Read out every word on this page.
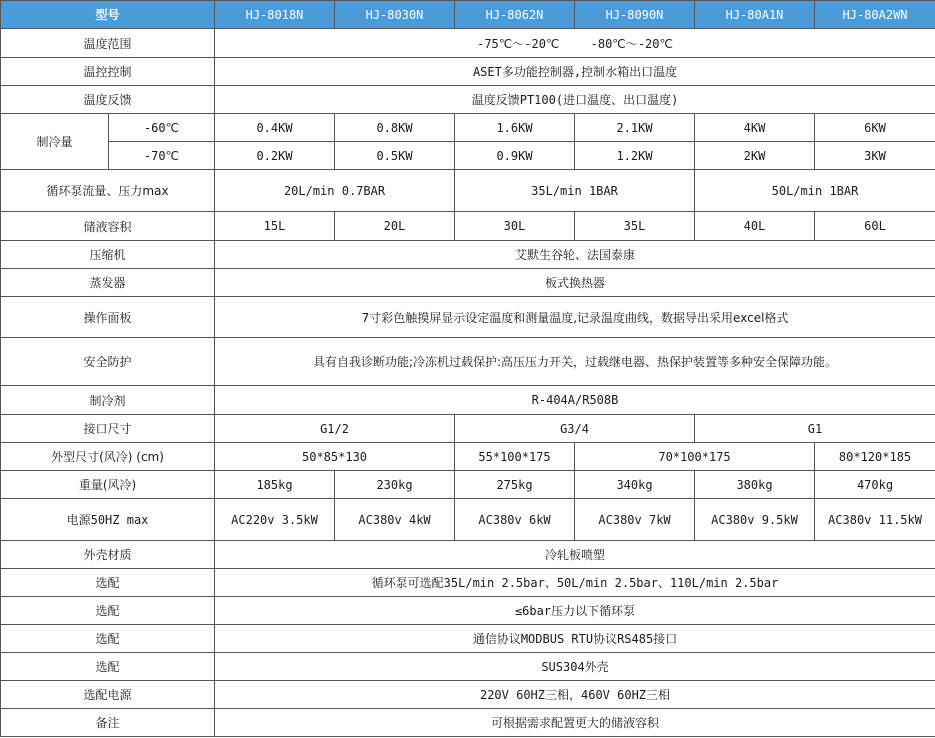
型号		HJ-8018N	HJ-8030N	HJ-8062N	HJ-8090N	HJ-80A1N	HJ-80A2WN
温度范围		-75℃～-20℃　　 -80℃～-20℃					
温控控制		ASET多功能控制器,控制水箱出口温度					
温度反馈		温度反馈PT100(进口温度、出口温度)					
制冷量	-60℃	0.4KW	0.8KW	1.6KW	2.1KW	4KW	6KW
	-70℃	0.2KW	0.5KW	0.9KW	1.2KW	2KW	3KW
循环泵流量、压力max		20L/min 0.7BAR		35L/min 1BAR		50L/min 1BAR	
储液容积		15L	20L	30L	35L	40L	60L
压缩机		艾默生谷轮、法国泰康					
蒸发器		板式换热器					
操作面板		7寸彩色触摸屏显示设定温度和测量温度,记录温度曲线，数据导出采用excel格式					
安全防护		具有自我诊断功能;冷冻机过载保护:高压压力开关，过载继电器、热保护装置等多种安全保障功能。					
制冷剂		R-404A/R508B					
接口尺寸		G1/2		G3/4		G1	
外型尺寸(风冷) (cm)		50*85*130		55*100*175	70*100*175		80*120*185
重量(风冷)		185kg	230kg	275kg	340kg	380kg	470kg
电源50HZ max		AC220v 3.5kW	AC380v 4kW	AC380v 6kW	AC380v 7kW	AC380v 9.5kW	AC380v 11.5kW
外壳材质		冷轧板喷塑					
选配		循环泵可选配35L/min 2.5bar、50L/min 2.5bar、110L/min 2.5bar					
选配		≤6bar压力以下循环泵					
选配		通信协议MODBUS RTU协议RS485接口					
选配		SUS304外壳					
选配电源		220V 60HZ三相，460V 60HZ三相					
备注		可根据需求配置更大的储液容积					
